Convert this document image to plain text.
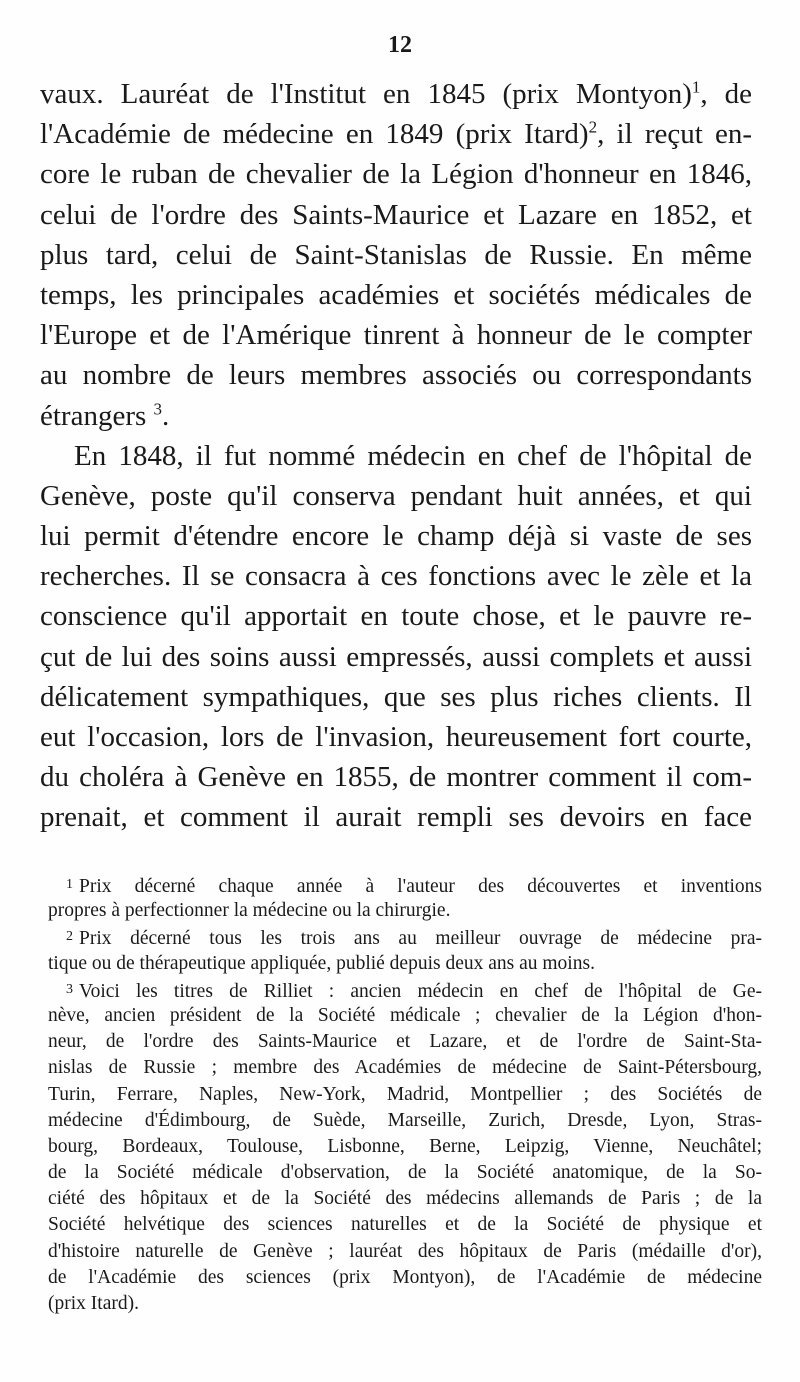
12
vaux. Lauréat de l'Institut en 1845 (prix Montyon)$^1$, de
l'Académie de médecine en 1849 (prix Itard)$^2$, il reçut en-
core le ruban de chevalier de la Légion d'honneur en 1846,
celui de l'ordre des Saints-Maurice et Lazare en 1852, et
plus tard, celui de Saint-Stanislas de Russie. En même
temps, les principales académies et sociétés médicales de
l'Europe et de l'Amérique tinrent à honneur de le compter
au nombre de leurs membres associés ou correspondants
étrangers $^3$.
En 1848, il fut nommé médecin en chef de l'hôpital de
Genève, poste qu'il conserva pendant huit années, et qui
lui permit d'étendre encore le champ déjà si vaste de ses
recherches. Il se consacra à ces fonctions avec le zèle et la
conscience qu'il apportait en toute chose, et le pauvre re-
çut de lui des soins aussi empressés, aussi complets et aussi
délicatement sympathiques, que ses plus riches clients. Il
eut l'occasion, lors de l'invasion, heureusement fort courte,
du choléra à Genève en 1855, de montrer comment il com-
prenait, et comment il aurait rempli ses devoirs en face
$^1$ Prix décerné chaque année à l'auteur des découvertes et inventions
propres à perfectionner la médecine ou la chirurgie.
$^2$ Prix décerné tous les trois ans au meilleur ouvrage de médecine pra-
tique ou de thérapeutique appliquée, publié depuis deux ans au moins.
$^3$ Voici les titres de Rilliet : ancien médecin en chef de l'hôpital de Ge-
nève, ancien président de la Société médicale ; chevalier de la Légion d'hon-
neur, de l'ordre des Saints-Maurice et Lazare, et de l'ordre de Saint-Sta-
nislas de Russie ; membre des Académies de médecine de Saint-Pétersbourg,
Turin, Ferrare, Naples, New-York, Madrid, Montpellier ; des Sociétés de
médecine d'Édimbourg, de Suède, Marseille, Zurich, Dresde, Lyon, Stras-
bourg, Bordeaux, Toulouse, Lisbonne, Berne, Leipzig, Vienne, Neuchâtel;
de la Société médicale d'observation, de la Société anatomique, de la So-
ciété des hôpitaux et de la Société des médecins allemands de Paris ; de la
Société helvétique des sciences naturelles et de la Société de physique et
d'histoire naturelle de Genève ; lauréat des hôpitaux de Paris (médaille d'or),
de l'Académie des sciences (prix Montyon), de l'Académie de médecine
(prix Itard).
